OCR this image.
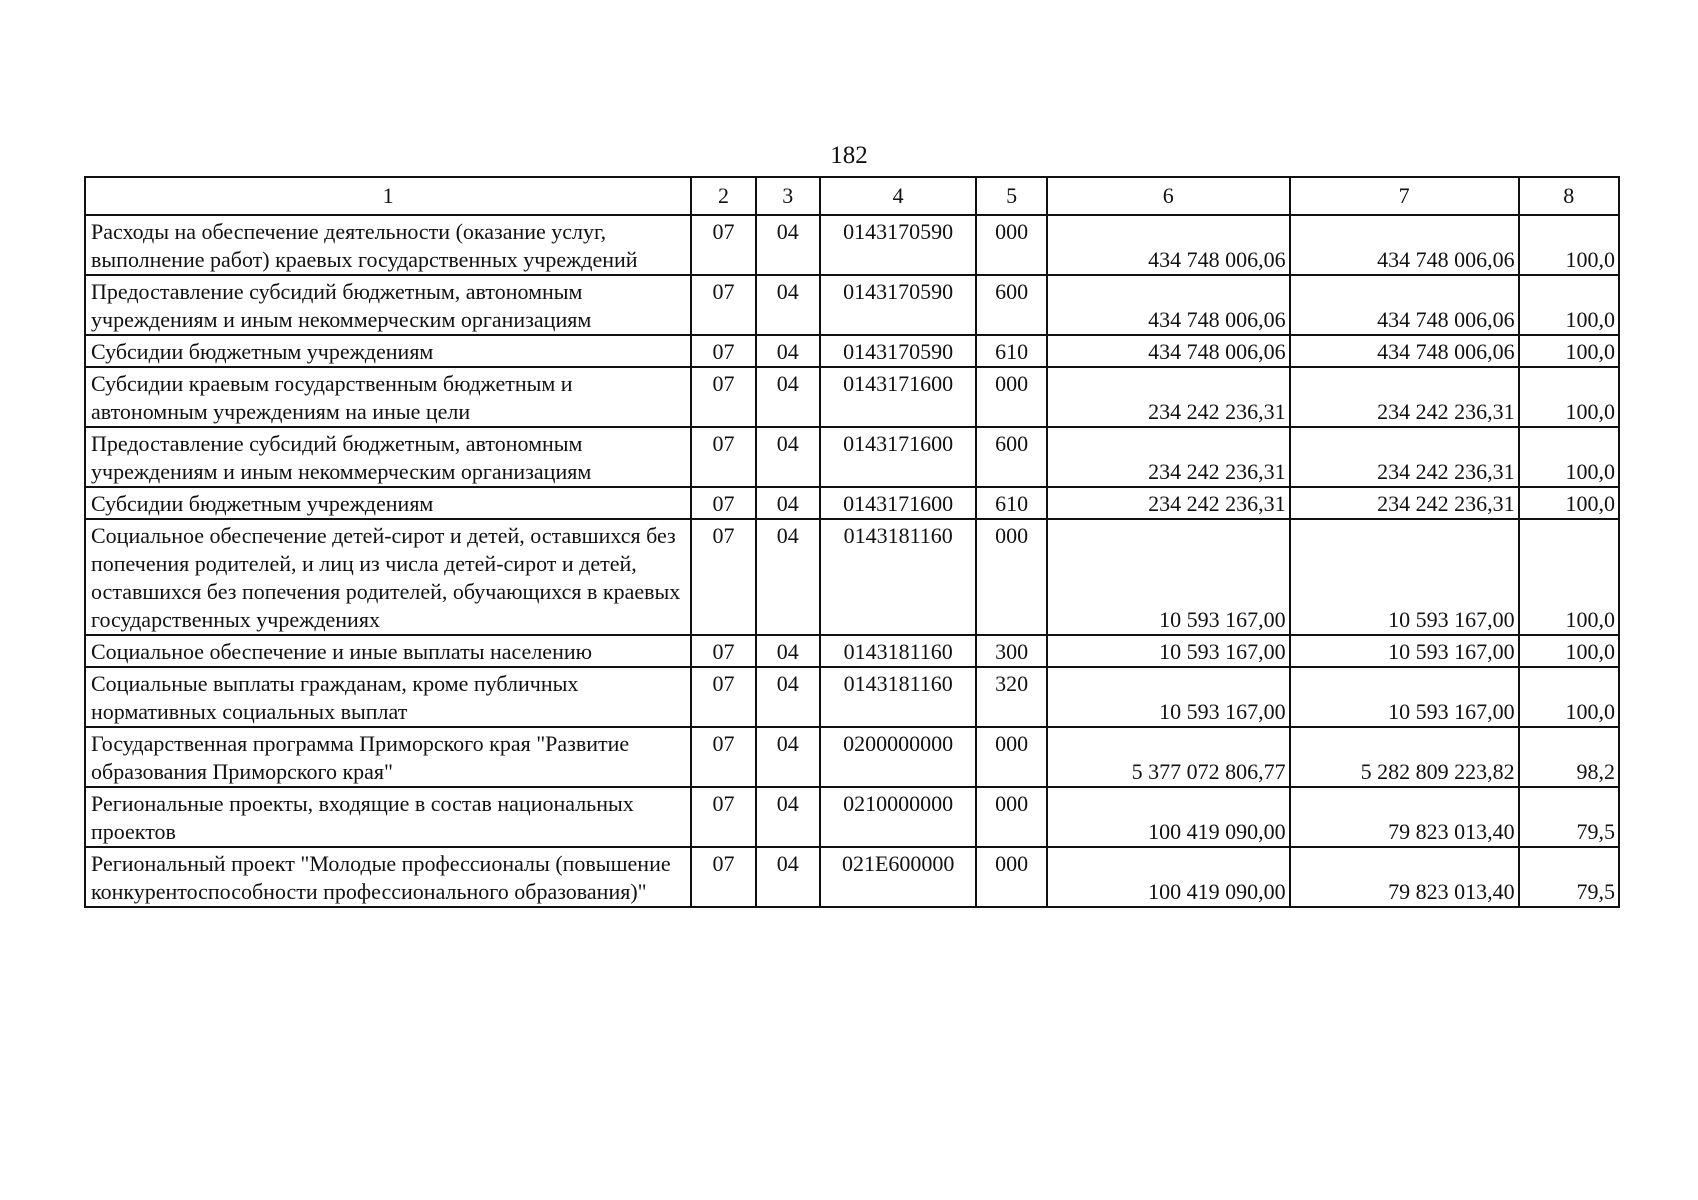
182
1	2	3	4	5	6	7	8
Расходы на обеспечение деятельности (оказание услуг, выполнение работ) краевых государственных учреждений	07	04	0143170590	000	434 748 006,06	434 748 006,06	100,0
Предоставление субсидий бюджетным, автономным учреждениям и иным некоммерческим организациям	07	04	0143170590	600	434 748 006,06	434 748 006,06	100,0
Субсидии бюджетным учреждениям	07	04	0143170590	610	434 748 006,06	434 748 006,06	100,0
Субсидии краевым государственным бюджетным и автономным учреждениям на иные цели	07	04	0143171600	000	234 242 236,31	234 242 236,31	100,0
Предоставление субсидий бюджетным, автономным учреждениям и иным некоммерческим организациям	07	04	0143171600	600	234 242 236,31	234 242 236,31	100,0
Субсидии бюджетным учреждениям	07	04	0143171600	610	234 242 236,31	234 242 236,31	100,0
Социальное обеспечение детей-сирот и детей, оставшихся без попечения родителей, и лиц из числа детей-сирот и детей, оставшихся без попечения родителей, обучающихся в краевых государственных учреждениях	07	04	0143181160	000	10 593 167,00	10 593 167,00	100,0
Социальное обеспечение и иные выплаты населению	07	04	0143181160	300	10 593 167,00	10 593 167,00	100,0
Социальные выплаты гражданам, кроме публичных нормативных социальных выплат	07	04	0143181160	320	10 593 167,00	10 593 167,00	100,0
Государственная программа Приморского края "Развитие образования Приморского края"	07	04	0200000000	000	5 377 072 806,77	5 282 809 223,82	98,2
Региональные проекты, входящие в состав национальных проектов	07	04	0210000000	000	100 419 090,00	79 823 013,40	79,5
Региональный проект "Молодые профессионалы (повышение конкурентоспособности профессионального образования)"	07	04	021E600000	000	100 419 090,00	79 823 013,40	79,5
